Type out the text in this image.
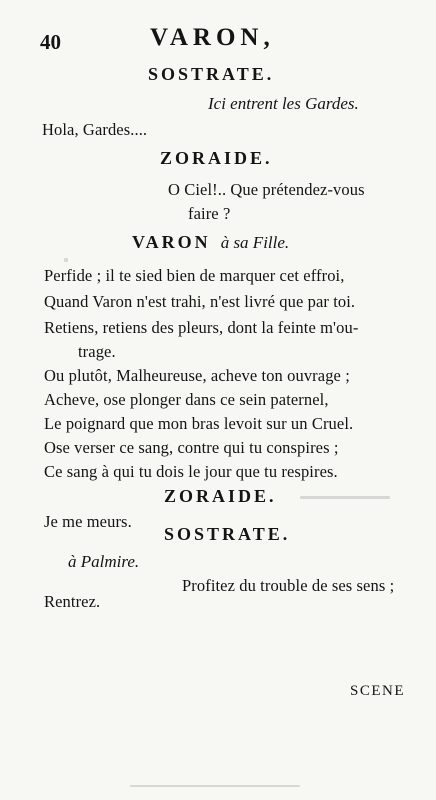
40	VARON,
SOSTRATE.
Ici entrent les Gardes.
Hola, Gardes....
ZORAIDE.
O Ciel!.. Que prétendez-vous
faire ?
VARON à sa Fille.
Perfide ; il te sied bien de marquer cet effroi,
Quand Varon n'est trahi, n'est livré que par toi.
Retiens, retiens des pleurs, dont la feinte m'ou-
trage.
Ou plutôt, Malheureuse, acheve ton ouvrage ;
Acheve, ose plonger dans ce sein paternel,
Le poignard que mon bras levoit sur un Cruel.
Ose verser ce sang, contre qui tu conspires ;
Ce sang à qui tu dois le jour que tu respires.
ZORAIDE.
Je me meurs.
SOSTRATE.
à Palmire.
Profitez du trouble de ses sens ;
Rentrez.
SCENE
